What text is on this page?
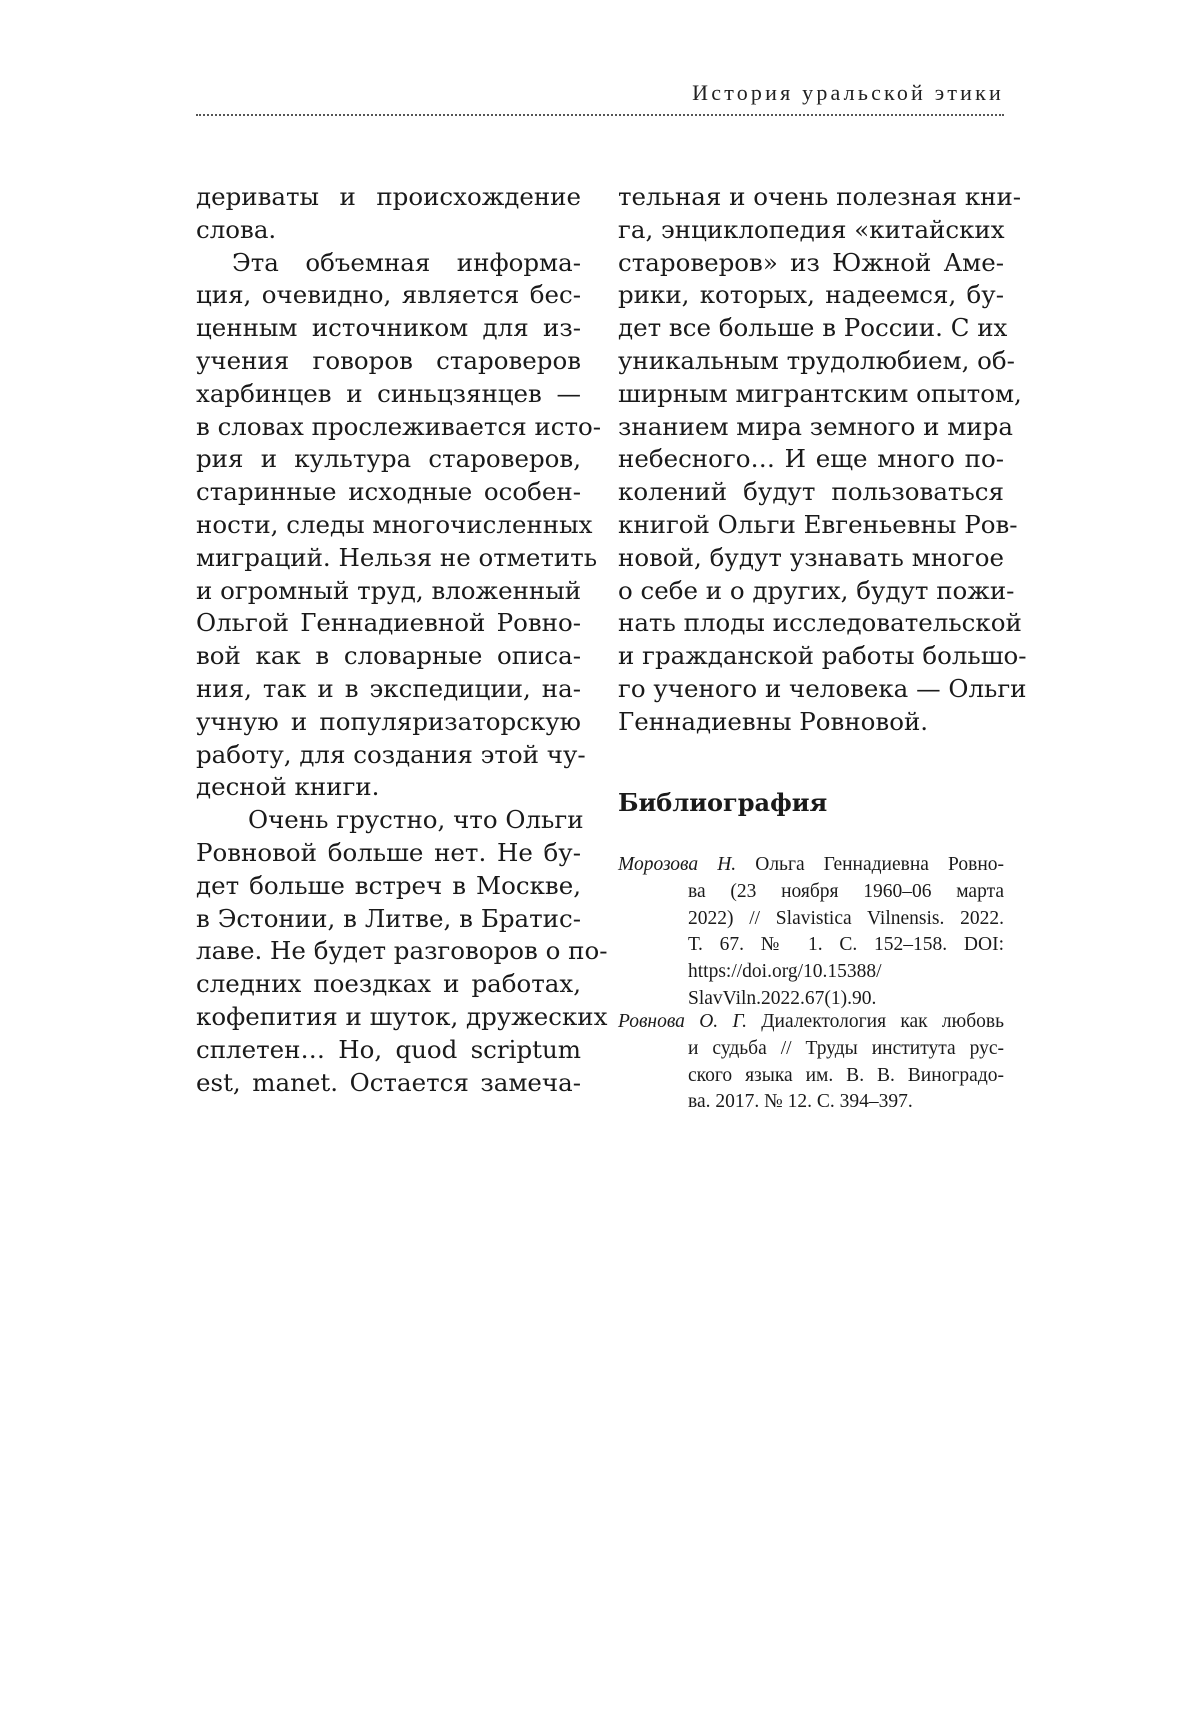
История уральской этики
дериваты и происхождение
слова.
Эта объемная информа-
ция, очевидно, является бес-
ценным источником для из-
учения говоров староверов
харбинцев и синьцзянцев —
в словах прослеживается исто-
рия и культура староверов,
старинные исходные особен-
ности, следы многочисленных
миграций. Нельзя не отметить
и огромный труд, вложенный
Ольгой Геннадиевной Ровно-
вой как в словарные описа-
ния, так и в экспедиции, на-
учную и популяризаторскую
работу, для создания этой чу-
десной книги.
Очень грустно, что Ольги
Ровновой больше нет. Не бу-
дет больше встреч в Москве,
в Эстонии, в Литве, в Братис-
лаве. Не будет разговоров о по-
следних поездках и работах,
кофепития и шуток, дружеских
сплетен… Но, quod scriptum
est, manet. Остается замеча-
тельная и очень полезная кни-
га, энциклопедия «китайских
староверов» из Южной Аме-
рики, которых, надеемся, бу-
дет все больше в России. С их
уникальным трудолюбием, об-
ширным мигрантским опытом,
знанием мира земного и мира
небесного… И еще много по-
колений будут пользоваться
книгой Ольги Евгеньевны Ров-
новой, будут узнавать многое
о себе и о других, будут пожи-
нать плоды исследовательской
и гражданской работы большо-
го ученого и человека — Ольги
Геннадиевны Ровновой.
Библиография
Морозова Н. Ольга Геннадиевна Ровно-
ва (23 ноября 1960–06 марта
2022) // Slavistica Vilnensis. 2022.
Т. 67. № 1. С. 152–158. DOI:
https://doi.org/10.15388/
SlavViln.2022.67(1).90.
Ровнова О. Г. Диалектология как любовь
и судьба // Труды института рус-
ского языка им. В. В. Виноградо-
ва. 2017. № 12. С. 394–397.
